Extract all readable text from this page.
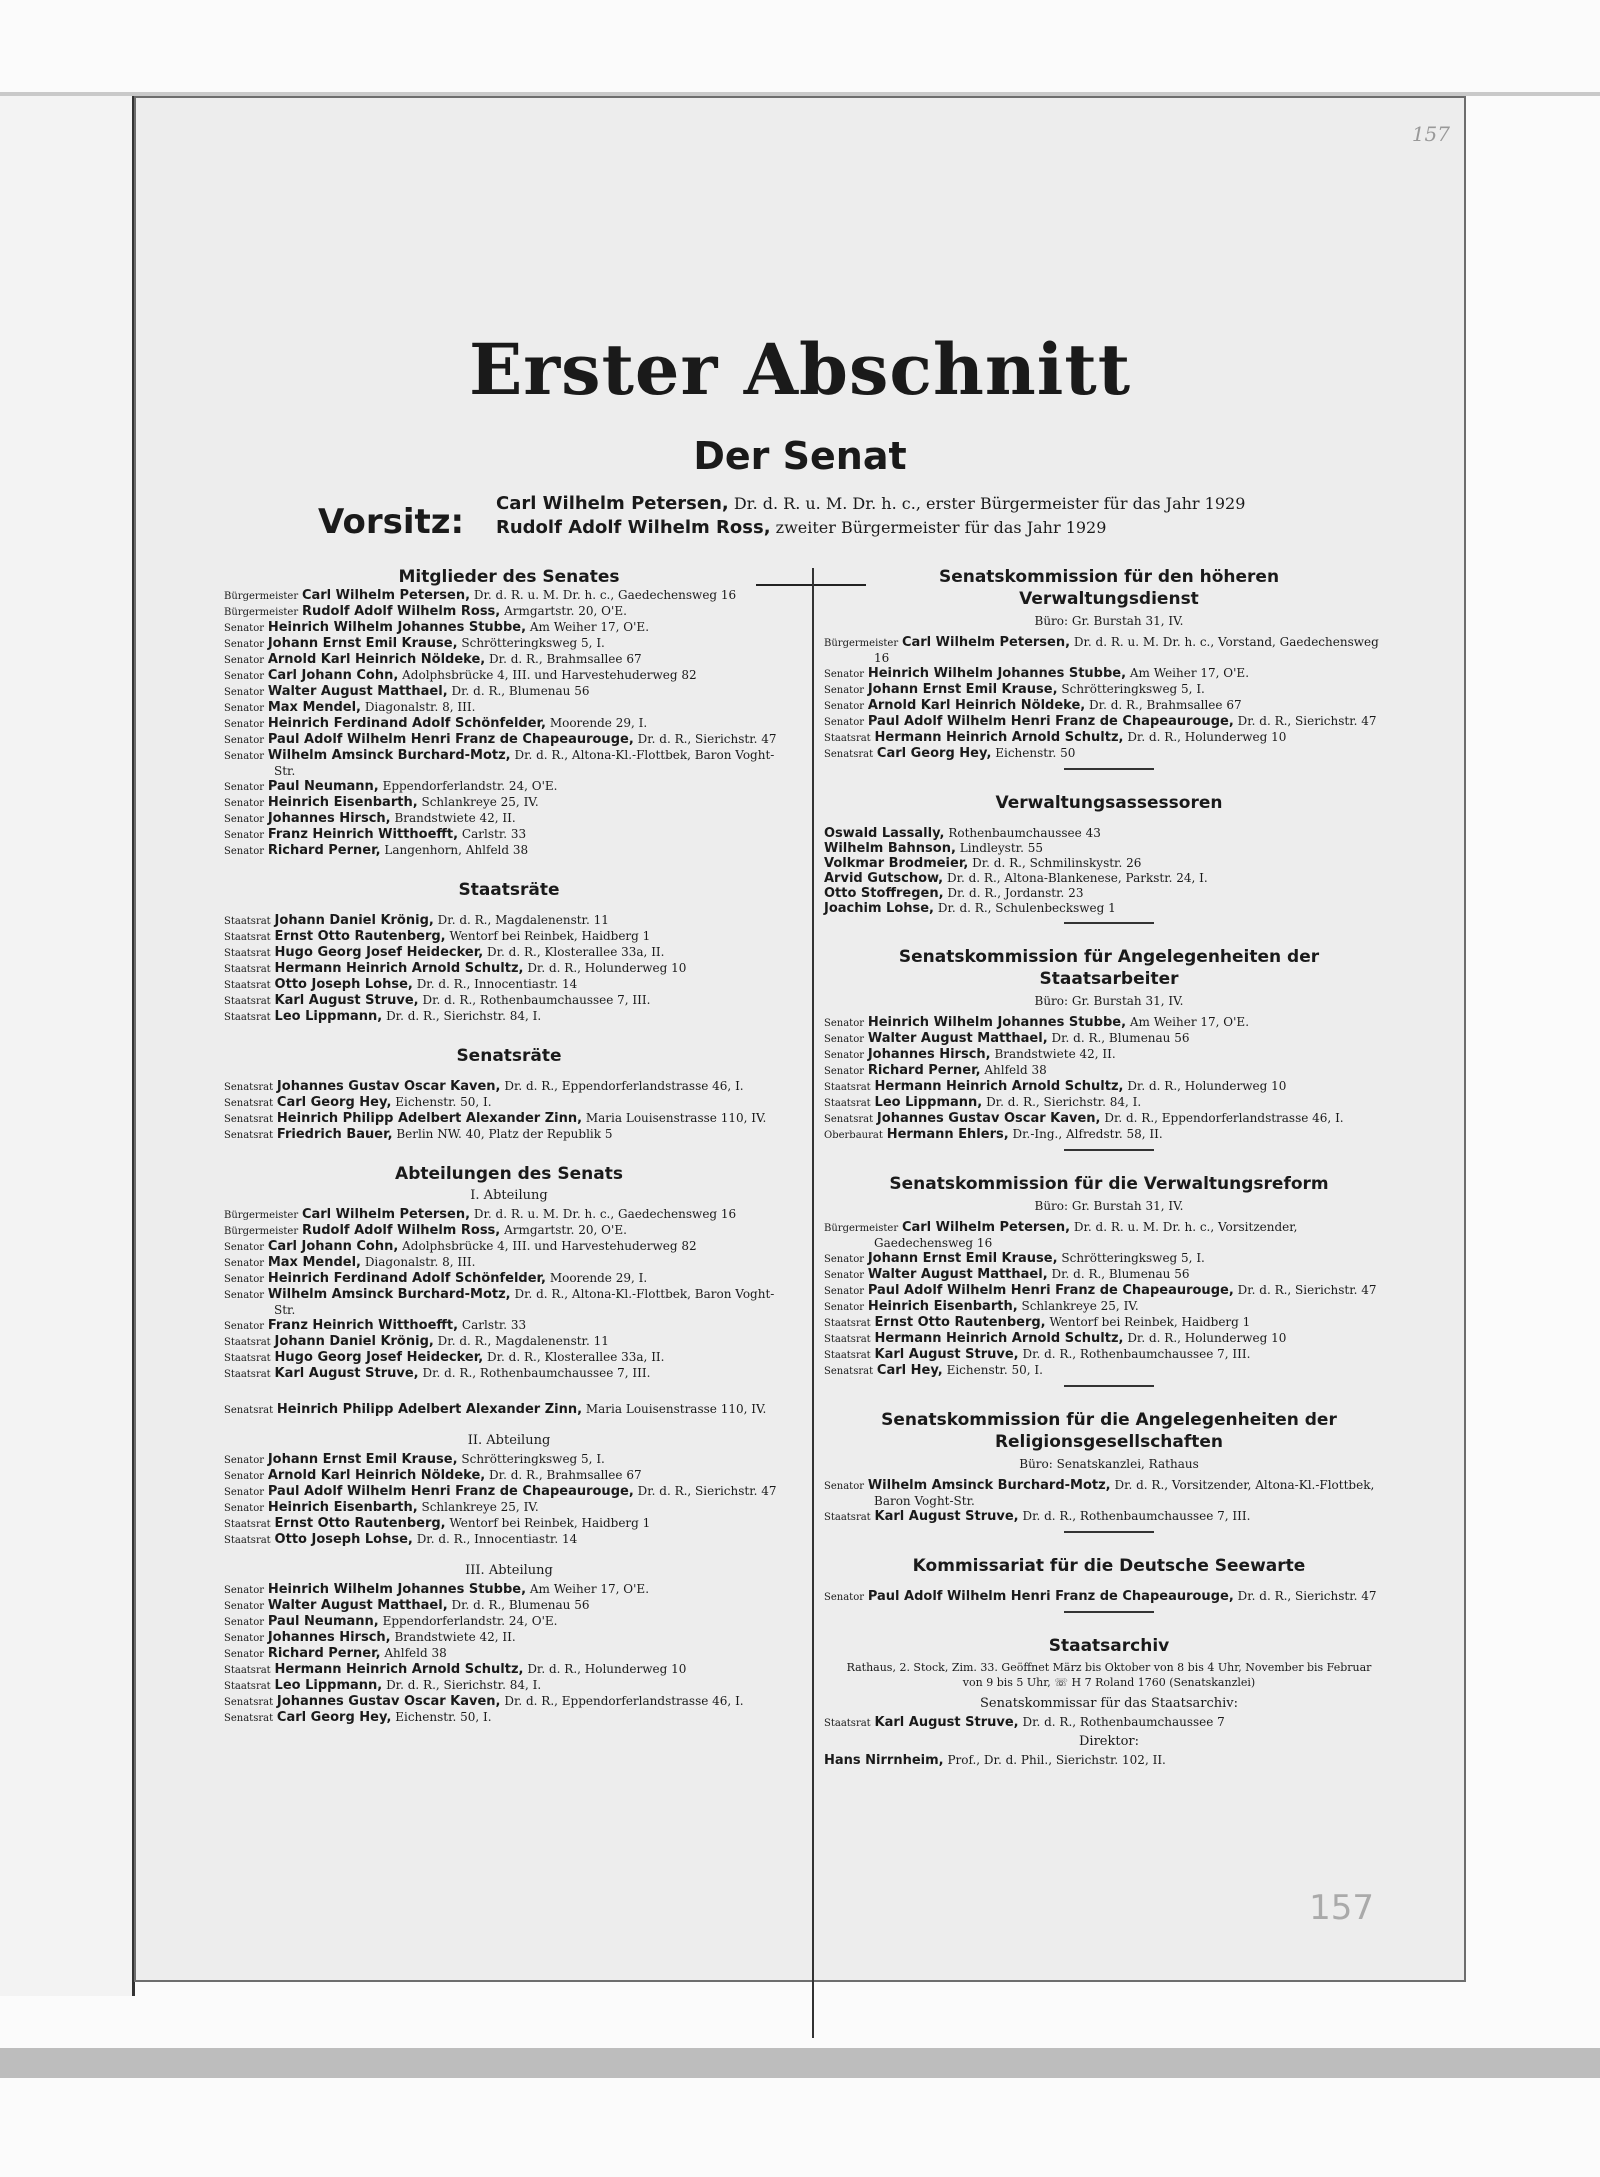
157
157
Erster Abschnitt
Der Senat
Vorsitz: Carl Wilhelm Petersen, Dr. d. R. u. M. Dr. h. c., erster Bürgermeister für das Jahr 1929
Rudolf Adolf Wilhelm Ross, zweiter Bürgermeister für das Jahr 1929

Mitglieder des Senates

Bürgermeister Carl Wilhelm Petersen, Dr. d. R. u. M. Dr. h. c., Gaedechensweg 16

Bürgermeister Rudolf Adolf Wilhelm Ross, Armgartstr. 20, O'E.

Senator Heinrich Wilhelm Johannes Stubbe, Am Weiher 17, O'E.

Senator Johann Ernst Emil Krause, Schrötteringksweg 5, I.

Senator Arnold Karl Heinrich Nöldeke, Dr. d. R., Brahmsallee 67

Senator Carl Johann Cohn, Adolphsbrücke 4, III. und Harvestehuderweg 82

Senator Walter August Matthael, Dr. d. R., Blumenau 56

Senator Max Mendel, Diagonalstr. 8, III.

Senator Heinrich Ferdinand Adolf Schönfelder, Moorende 29, I.

Senator Paul Adolf Wilhelm Henri Franz de Chapeaurouge, Dr. d. R., Sierichstr. 47

Senator Wilhelm Amsinck Burchard-Motz, Dr. d. R., Altona-Kl.-Flottbek, Baron Voght-Str.

Senator Paul Neumann, Eppendorferlandstr. 24, O'E.

Senator Heinrich Eisenbarth, Schlankreye 25, IV.

Senator Johannes Hirsch, Brandstwiete 42, II.

Senator Franz Heinrich Witthoefft, Carlstr. 33

Senator Richard Perner, Langenhorn, Ahlfeld 38

Staatsräte

Staatsrat Johann Daniel Krönig, Dr. d. R., Magdalenenstr. 11

Staatsrat Ernst Otto Rautenberg, Wentorf bei Reinbek, Haidberg 1

Staatsrat Hugo Georg Josef Heidecker, Dr. d. R., Klosterallee 33a, II.

Staatsrat Hermann Heinrich Arnold Schultz, Dr. d. R., Holunderweg 10

Staatsrat Otto Joseph Lohse, Dr. d. R., Innocentiastr. 14

Staatsrat Karl August Struve, Dr. d. R., Rothenbaumchaussee 7, III.

Staatsrat Leo Lippmann, Dr. d. R., Sierichstr. 84, I.

Senatsräte

Senatsrat Johannes Gustav Oscar Kaven, Dr. d. R., Eppendorferlandstrasse 46, I.

Senatsrat Carl Georg Hey, Eichenstr. 50, I.

Senatsrat Heinrich Philipp Adelbert Alexander Zinn, Maria Louisenstrasse 110, IV.

Senatsrat Friedrich Bauer, Berlin NW. 40, Platz der Republik 5

Abteilungen des Senats

I. Abteilung

Bürgermeister Carl Wilhelm Petersen, Dr. d. R. u. M. Dr. h. c., Gaedechensweg 16

Bürgermeister Rudolf Adolf Wilhelm Ross, Armgartstr. 20, O'E.

Senator Carl Johann Cohn, Adolphsbrücke 4, III. und Harvestehuderweg 82

Senator Max Mendel, Diagonalstr. 8, III.

Senator Heinrich Ferdinand Adolf Schönfelder, Moorende 29, I.

Senator Wilhelm Amsinck Burchard-Motz, Dr. d. R., Altona-Kl.-Flottbek, Baron Voght-Str.

Senator Franz Heinrich Witthoefft, Carlstr. 33

Staatsrat Johann Daniel Krönig, Dr. d. R., Magdalenenstr. 11

Staatsrat Hugo Georg Josef Heidecker, Dr. d. R., Klosterallee 33a, II.

Staatsrat Karl August Struve, Dr. d. R., Rothenbaumchaussee 7, III.

Senatsrat Heinrich Philipp Adelbert Alexander Zinn, Maria Louisenstrasse 110, IV.

II. Abteilung

Senator Johann Ernst Emil Krause, Schrötteringksweg 5, I.

Senator Arnold Karl Heinrich Nöldeke, Dr. d. R., Brahmsallee 67

Senator Paul Adolf Wilhelm Henri Franz de Chapeaurouge, Dr. d. R., Sierichstr. 47

Senator Heinrich Eisenbarth, Schlankreye 25, IV.

Staatsrat Ernst Otto Rautenberg, Wentorf bei Reinbek, Haidberg 1

Staatsrat Otto Joseph Lohse, Dr. d. R., Innocentiastr. 14

III. Abteilung

Senator Heinrich Wilhelm Johannes Stubbe, Am Weiher 17, O'E.

Senator Walter August Matthael, Dr. d. R., Blumenau 56

Senator Paul Neumann, Eppendorferlandstr. 24, O'E.

Senator Johannes Hirsch, Brandstwiete 42, II.

Senator Richard Perner, Ahlfeld 38

Staatsrat Hermann Heinrich Arnold Schultz, Dr. d. R., Holunderweg 10

Staatsrat Leo Lippmann, Dr. d. R., Sierichstr. 84, I.

Senatsrat Johannes Gustav Oscar Kaven, Dr. d. R., Eppendorferlandstrasse 46, I.

Senatsrat Carl Georg Hey, Eichenstr. 50, I.

Senatskommission für den höheren

Verwaltungsdienst

Büro: Gr. Burstah 31, IV.

Bürgermeister Carl Wilhelm Petersen, Dr. d. R. u. M. Dr. h. c., Vorstand, Gaedechensweg 16

Senator Heinrich Wilhelm Johannes Stubbe, Am Weiher 17, O'E.

Senator Johann Ernst Emil Krause, Schrötteringksweg 5, I.

Senator Arnold Karl Heinrich Nöldeke, Dr. d. R., Brahmsallee 67

Senator Paul Adolf Wilhelm Henri Franz de Chapeaurouge, Dr. d. R., Sierichstr. 47

Staatsrat Hermann Heinrich Arnold Schultz, Dr. d. R., Holunderweg 10

Senatsrat Carl Georg Hey, Eichenstr. 50

Verwaltungsassessoren

Oswald Lassally, Rothenbaumchaussee 43

Wilhelm Bahnson, Lindleystr. 55

Volkmar Brodmeier, Dr. d. R., Schmilinskystr. 26

Arvid Gutschow, Dr. d. R., Altona-Blankenese, Parkstr. 24, I.

Otto Stoffregen, Dr. d. R., Jordanstr. 23

Joachim Lohse, Dr. d. R., Schulenbecksweg 1

Senatskommission für Angelegenheiten der

Staatsarbeiter

Büro: Gr. Burstah 31, IV.

Senator Heinrich Wilhelm Johannes Stubbe, Am Weiher 17, O'E.

Senator Walter August Matthael, Dr. d. R., Blumenau 56

Senator Johannes Hirsch, Brandstwiete 42, II.

Senator Richard Perner, Ahlfeld 38

Staatsrat Hermann Heinrich Arnold Schultz, Dr. d. R., Holunderweg 10

Staatsrat Leo Lippmann, Dr. d. R., Sierichstr. 84, I.

Senatsrat Johannes Gustav Oscar Kaven, Dr. d. R., Eppendorferlandstrasse 46, I.

Oberbaurat Hermann Ehlers, Dr.-Ing., Alfredstr. 58, II.

Senatskommission für die Verwaltungsreform

Büro: Gr. Burstah 31, IV.

Bürgermeister Carl Wilhelm Petersen, Dr. d. R. u. M. Dr. h. c., Vorsitzender, Gaedechensweg 16

Senator Johann Ernst Emil Krause, Schrötteringksweg 5, I.

Senator Walter August Matthael, Dr. d. R., Blumenau 56

Senator Paul Adolf Wilhelm Henri Franz de Chapeaurouge, Dr. d. R., Sierichstr. 47

Senator Heinrich Eisenbarth, Schlankreye 25, IV.

Staatsrat Ernst Otto Rautenberg, Wentorf bei Reinbek, Haidberg 1

Staatsrat Hermann Heinrich Arnold Schultz, Dr. d. R., Holunderweg 10

Staatsrat Karl August Struve, Dr. d. R., Rothenbaumchaussee 7, III.

Senatsrat Carl Hey, Eichenstr. 50, I.

Senatskommission für die Angelegenheiten der

Religionsgesellschaften

Büro: Senatskanzlei, Rathaus

Senator Wilhelm Amsinck Burchard-Motz, Dr. d. R., Vorsitzender, Altona-Kl.-Flottbek, Baron Voght-Str.

Staatsrat Karl August Struve, Dr. d. R., Rothenbaumchaussee 7, III.

Kommissariat für die Deutsche Seewarte

Senator Paul Adolf Wilhelm Henri Franz de Chapeaurouge, Dr. d. R., Sierichstr. 47

Staatsarchiv

Rathaus, 2. Stock, Zim. 33. Geöffnet März bis Oktober von 8 bis 4 Uhr, November bis Februar von 9 bis 5 Uhr, ☏ H 7 Roland 1760 (Senatskanzlei)

Senatskommissar für das Staatsarchiv:

Staatsrat Karl August Struve, Dr. d. R., Rothenbaumchaussee 7

Direktor:

Hans Nirrnheim, Prof., Dr. d. Phil., Sierichstr. 102, II.
